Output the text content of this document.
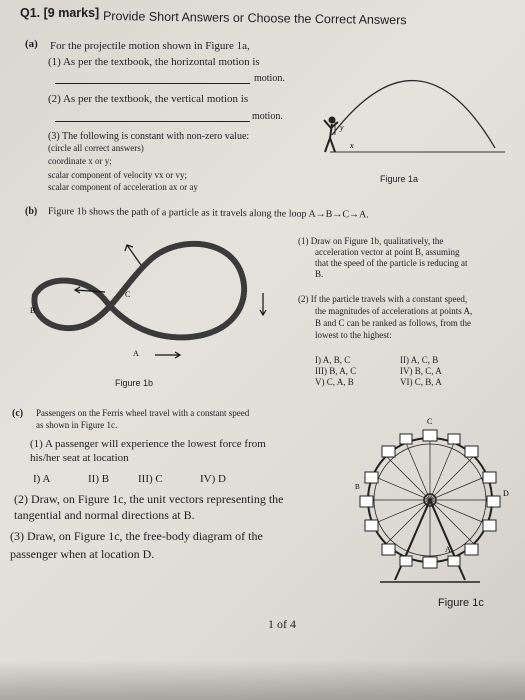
Q1. [9 marks] Provide Short Answers or Choose the Correct Answers
(a) For the projectile motion shown in Figure 1a,
(1) As per the textbook, the horizontal motion is
motion.
(2) As per the textbook, the vertical motion is
motion.
(3) The following is constant with non-zero value:
(circle all correct answers)
coordinate x or y;
scalar component of velocity vx or vy;
scalar component of acceleration ax or ay
y
x
Figure 1a
(b) Figure 1b shows the path of a particle as it travels along the loop A→B→C→A.
(1) Draw on Figure 1b, qualitatively, the
acceleration vector at point B, assuming
that the speed of the particle is reducing at
B.
(2) If the particle travels with a constant speed,
the magnitudes of accelerations at points A,
B and C can be ranked as follows, from the
lowest to the highest:
I) A, B, C	II) A, C, B
III) B, A, C	IV) B, C, A
V) C, A, B	VI) C, B, A
C
B
A
Figure 1b
(c) Passengers on the Ferris wheel travel with a constant speed
as shown in Figure 1c.
(1) A passenger will experience the lowest force from
his/her seat at location
I) A	II) B	III) C	IV) D
(2) Draw, on Figure 1c, the unit vectors representing the
tangential and normal directions at B.
(3) Draw, on Figure 1c, the free-body diagram of the
passenger when at location D.
C
B
D
A
Figure 1c
1 of 4
